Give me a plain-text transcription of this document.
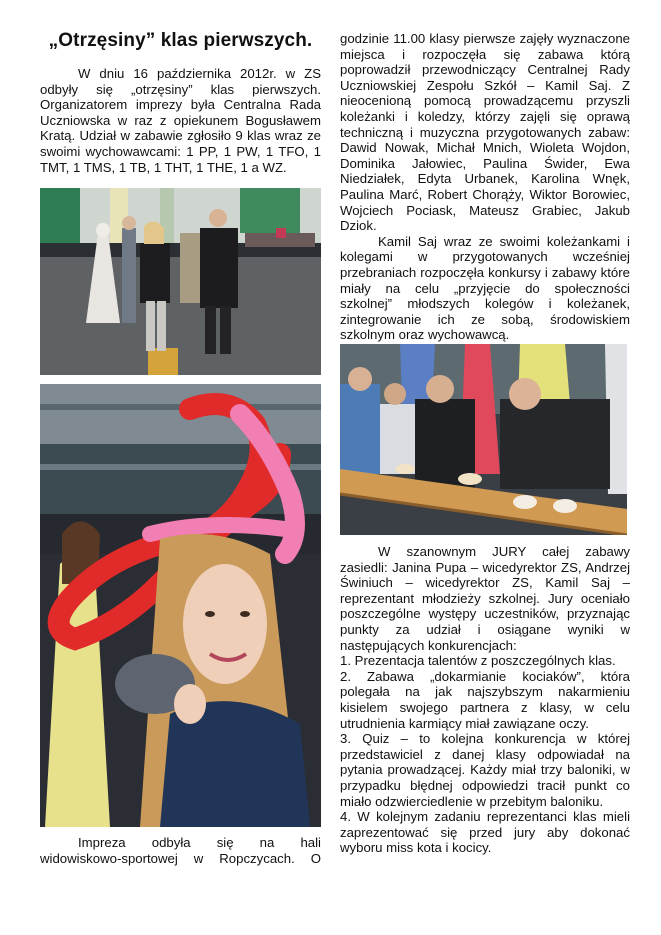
„Otrzęsiny” klas pierwszych.

W dniu 16 października 2012r. w ZS odbyły się „otrzęsiny” klas pierwszych. Organizatorem imprezy była Centralna Rada Uczniowska w raz z opiekunem Bogusławem Kratą. Udział w zabawie zgłosiło 9 klas wraz ze swoimi wychowawcami: 1 PP, 1 PW, 1 TFO, 1 TMT, 1 TMS, 1 TB, 1 THT, 1 THE, 1 a WZ.

Impreza odbyła się na hali
widowiskowo-sportowej w Ropczycach. O

godzinie 11.00 klasy pierwsze zajęły wyznaczone miejsca i rozpoczęła się zabawa którą poprowadził przewodniczący Centralnej Rady Uczniowskiej Zespołu Szkół – Kamil Saj. Z nieocenioną pomocą prowadzącemu przyszli koleżanki i koledzy, którzy zajęli się oprawą techniczną i muzyczna przygotowanych zabaw: Dawid Nowak, Michał Mnich, Wioleta Wojdon, Dominika Jałowiec, Paulina Świder, Ewa Niedziałek, Edyta Urbanek, Karolina Wnęk, Paulina Marć, Robert Chorąży, Wiktor Borowiec, Wojciech Pociask, Mateusz Grabiec, Jakub Dziok.

Kamil Saj wraz ze swoimi koleżankami i kolegami w przygotowanych wcześniej przebraniach rozpoczęła konkursy i zabawy które miały na celu „przyjęcie do społeczności szkolnej” młodszych kolegów i koleżanek, zintegrowanie ich ze sobą, środowiskiem szkolnym oraz wychowawcą.

W szanownym JURY całej zabawy zasiedli: Janina Pupa – wicedyrektor ZS, Andrzej Świniuch – wicedyrektor ZS, Kamil Saj – reprezentant młodzieży szkolnej. Jury oceniało poszczególne występy uczestników, przyznając punkty za udział i osiągane wyniki w następujących konkurencjach:

1. Prezentacja talentów z poszczególnych klas.

2. Zabawa „dokarmianie kociaków”, która polegała na jak najszybszym nakarmieniu kisielem swojego partnera z klasy, w celu utrudnienia karmiący miał zawiązane oczy.

3. Quiz – to kolejna konkurencja w której przedstawiciel z danej klasy odpowiadał na pytania prowadzącej. Każdy miał trzy baloniki, w przypadku błędnej odpowiedzi tracił punkt co miało odzwierciedlenie w przebitym baloniku.

4. W kolejnym zadaniu reprezentanci klas mieli zaprezentować się przed jury aby dokonać wyboru miss kota i kocicy.
